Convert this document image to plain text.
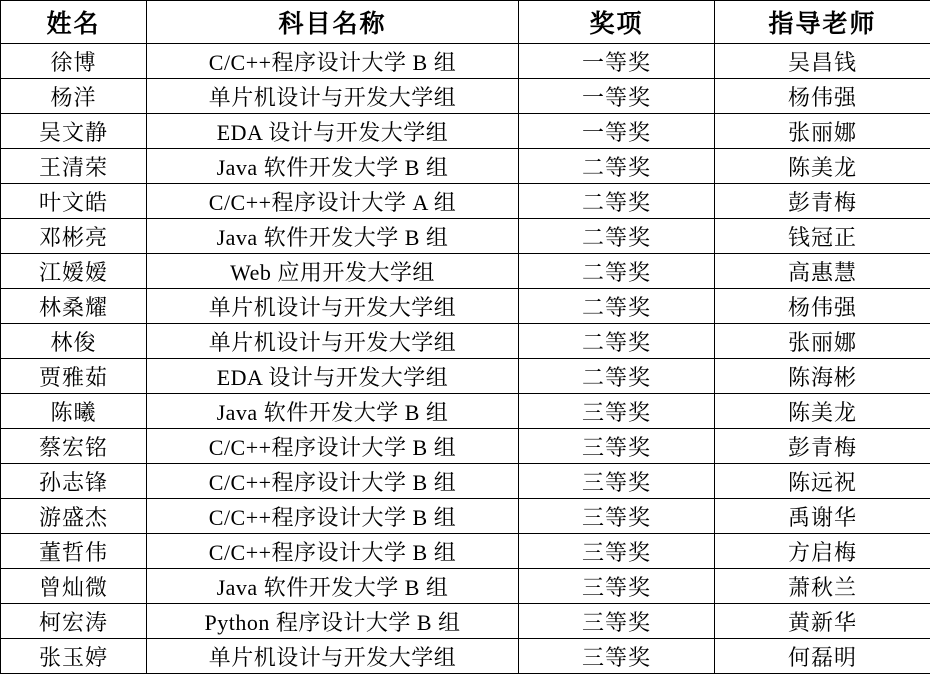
姓名	科目名称	奖项	指导老师
徐博	C/C++程序设计大学 B 组	一等奖	吴昌钱
杨洋	单片机设计与开发大学组	一等奖	杨伟强
吴文静	EDA 设计与开发大学组	一等奖	张丽娜
王清荣	Java 软件开发大学 B 组	二等奖	陈美龙
叶文皓	C/C++程序设计大学 A 组	二等奖	彭青梅
邓彬亮	Java 软件开发大学 B 组	二等奖	钱冠正
江嫒嫒	Web 应用开发大学组	二等奖	高惠慧
林桑耀	单片机设计与开发大学组	二等奖	杨伟强
林俊	单片机设计与开发大学组	二等奖	张丽娜
贾雅茹	EDA 设计与开发大学组	二等奖	陈海彬
陈曦	Java 软件开发大学 B 组	三等奖	陈美龙
蔡宏铭	C/C++程序设计大学 B 组	三等奖	彭青梅
孙志锋	C/C++程序设计大学 B 组	三等奖	陈远祝
游盛杰	C/C++程序设计大学 B 组	三等奖	禹谢华
董哲伟	C/C++程序设计大学 B 组	三等奖	方启梅
曾灿微	Java 软件开发大学 B 组	三等奖	萧秋兰
柯宏涛	Python 程序设计大学 B 组	三等奖	黄新华
张玉婷	单片机设计与开发大学组	三等奖	何磊明
